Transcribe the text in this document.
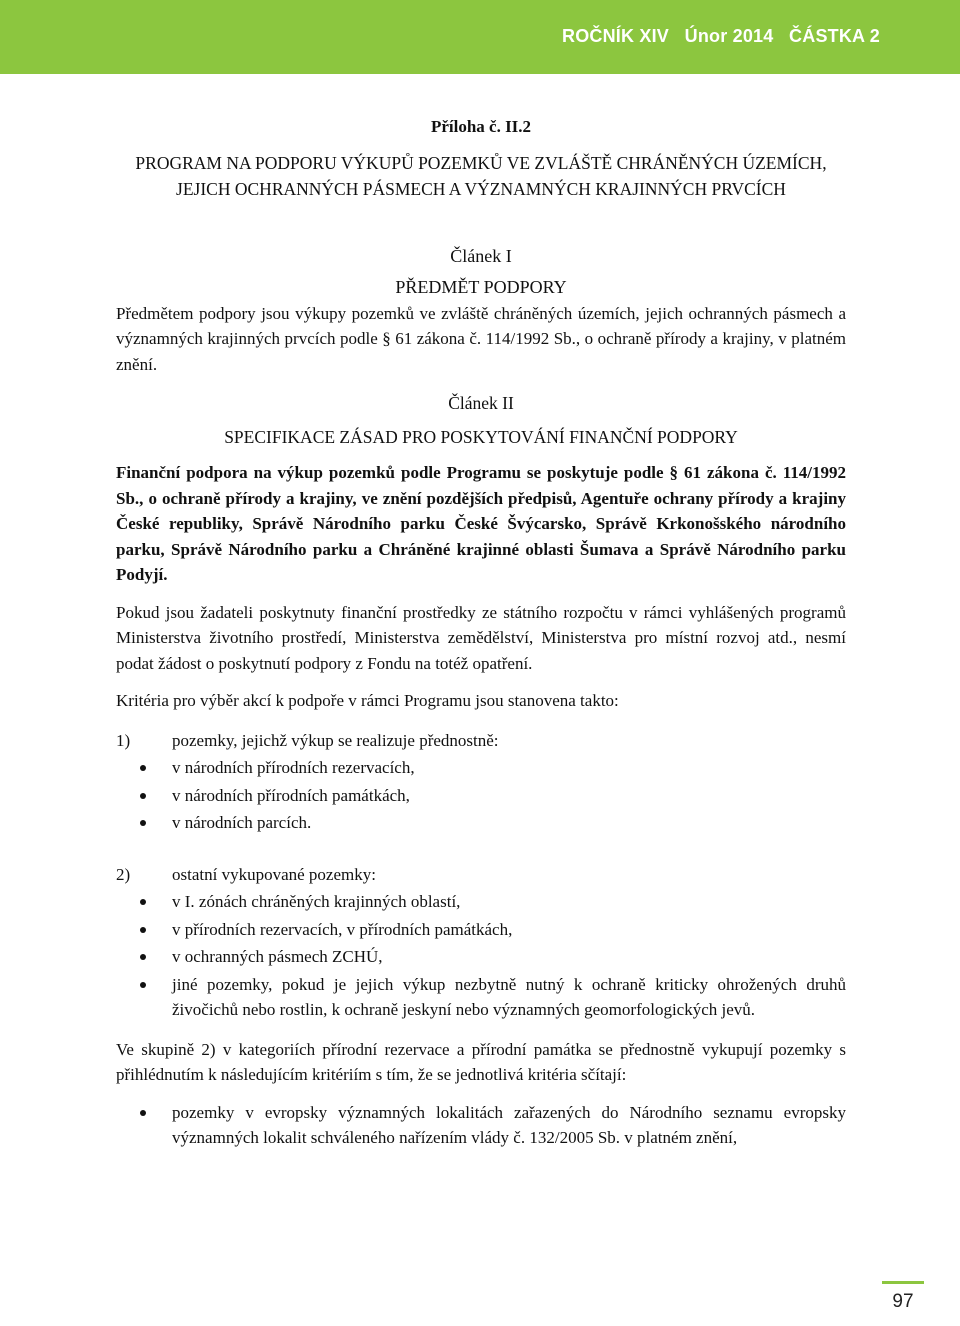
ROČNÍK XIV   Únor 2014   ČÁSTKA 2

Příloha č. II.2

PROGRAM NA PODPORU VÝKUPŮ POZEMKŮ VE ZVLÁŠTĚ CHRÁNĚNÝCH ÚZEMÍCH, JEJICH OCHRANNÝCH PÁSMECH A VÝZNAMNÝCH KRAJINNÝCH PRVCÍCH

Článek I

PŘEDMĚT PODPORY

Předmětem podpory jsou výkupy pozemků ve zvláště chráněných územích, jejich ochranných pásmech a významných krajinných prvcích podle § 61 zákona č. 114/1992 Sb., o ochraně přírody a krajiny, v platném znění.

Článek II

SPECIFIKACE ZÁSAD PRO POSKYTOVÁNÍ FINANČNÍ PODPORY

Finanční podpora na výkup pozemků podle Programu se poskytuje podle § 61 zákona č. 114/1992 Sb., o ochraně přírody a krajiny, ve znění pozdějších předpisů, Agentuře ochrany přírody a krajiny České republiky, Správě Národního parku České Švýcarsko, Správě Krkonošského národního parku, Správě Národního parku a Chráněné krajinné oblasti Šumava a Správě Národního parku Podyjí.

Pokud jsou žadateli poskytnuty finanční prostředky ze státního rozpočtu v rámci vyhlášených programů Ministerstva životního prostředí, Ministerstva zemědělství, Ministerstva pro místní rozvoj atd., nesmí podat žádost o poskytnutí podpory z Fondu na totéž opatření.

Kritéria pro výběr akcí k podpoře v rámci Programu jsou stanovena takto:

1)	pozemky, jejichž výkup se realizuje přednostně:
v národních přírodních rezervacích,
v národních přírodních památkách,
v národních parcích.
2)	ostatní vykupované pozemky:
v I. zónách chráněných krajinných oblastí,
v přírodních rezervacích, v přírodních památkách,
v ochranných pásmech ZCHÚ,
jiné pozemky, pokud je jejich výkup nezbytně nutný k ochraně kriticky ohrožených druhů živočichů nebo rostlin, k ochraně jeskyní nebo významných geomorfologických jevů.

Ve skupině 2) v kategoriích přírodní rezervace a přírodní památka se přednostně vykupují pozemky s přihlédnutím k následujícím kritériím s tím, že se jednotlivá kritéria sčítají:

pozemky v evropsky významných lokalitách zařazených do Národního seznamu evropsky významných lokalit schváleného nařízením vlády č. 132/2005 Sb. v platném znění,
97
